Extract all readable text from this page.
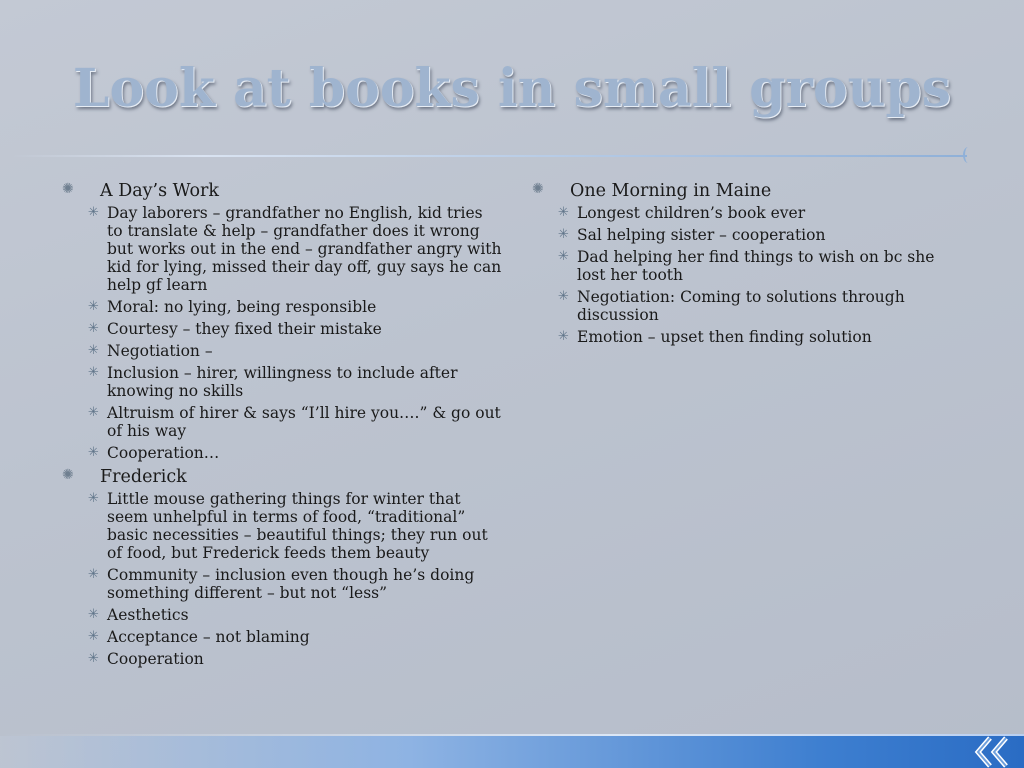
Look at books in small groups
✺ A Day’s Work
✳ Day laborers – grandfather no English, kid tries to translate & help – grandfather does it wrong but works out in the end – grandfather angry with kid for lying, missed their day off, guy says he can help gf learn
✳ Moral: no lying, being responsible
✳ Courtesy – they fixed their mistake
✳ Negotiation –
✳ Inclusion – hirer, willingness to include after knowing no skills
✳ Altruism of hirer & says “I’ll hire you….” & go out of his way
✳ Cooperation…
✺ Frederick
✳ Little mouse gathering things for winter that seem unhelpful in terms of food, “traditional” basic necessities – beautiful things; they run out of food, but Frederick feeds them beauty
✳ Community – inclusion even though he’s doing something different – but not “less”
✳ Aesthetics
✳ Acceptance – not blaming
✳ Cooperation
✺ One Morning in Maine
✳ Longest children’s book ever
✳ Sal helping sister – cooperation
✳ Dad helping her find things to wish on bc she lost her tooth
✳ Negotiation: Coming to solutions through discussion
✳ Emotion – upset then finding solution
